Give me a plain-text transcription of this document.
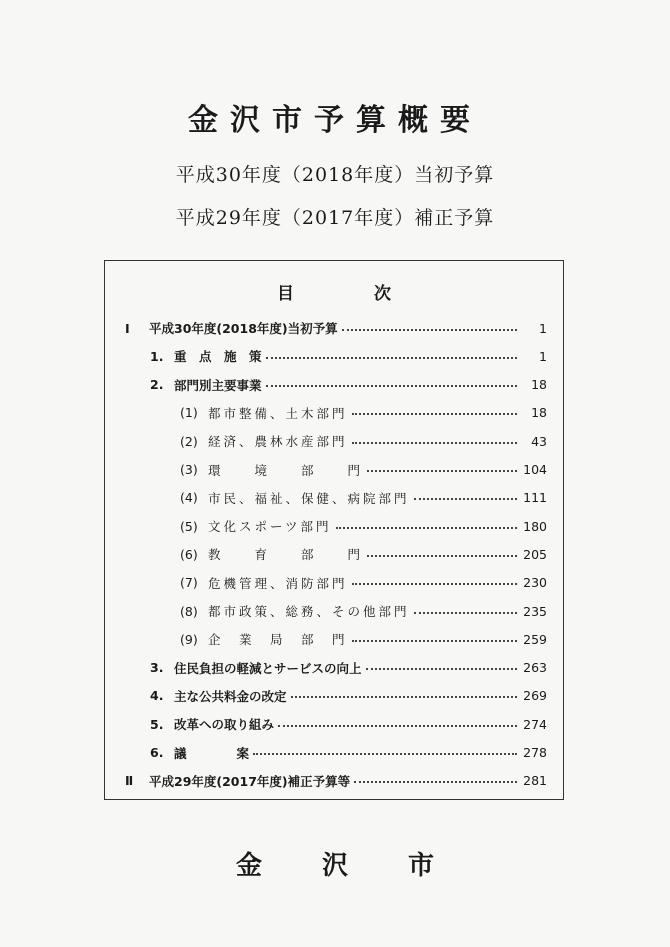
金沢市予算概要
平成30年度（2018年度）当初予算
平成29年度（2017年度）補正予算
目	次
Ⅰ	平成30年度(2018年度)当初予算	1
1. 重　点　施　策	1
2. 部門別主要事業	18
(1) 都市整備、土木部門	18
(2) 経済、農林水産部門	43
(3) 環　　境　　部　　門	104
(4) 市民、福祉、保健、病院部門	111
(5) 文化スポーツ部門	180
(6) 教　　育　　部　　門	205
(7) 危機管理、消防部門	230
(8) 都市政策、総務、その他部門	235
(9) 企　業　局　部　門	259
3. 住民負担の軽減とサービスの向上	263
4. 主な公共料金の改定	269
5. 改革への取り組み	274
6. 議　　　　案	278
Ⅱ	平成29年度(2017年度)補正予算等	281
金沢市
